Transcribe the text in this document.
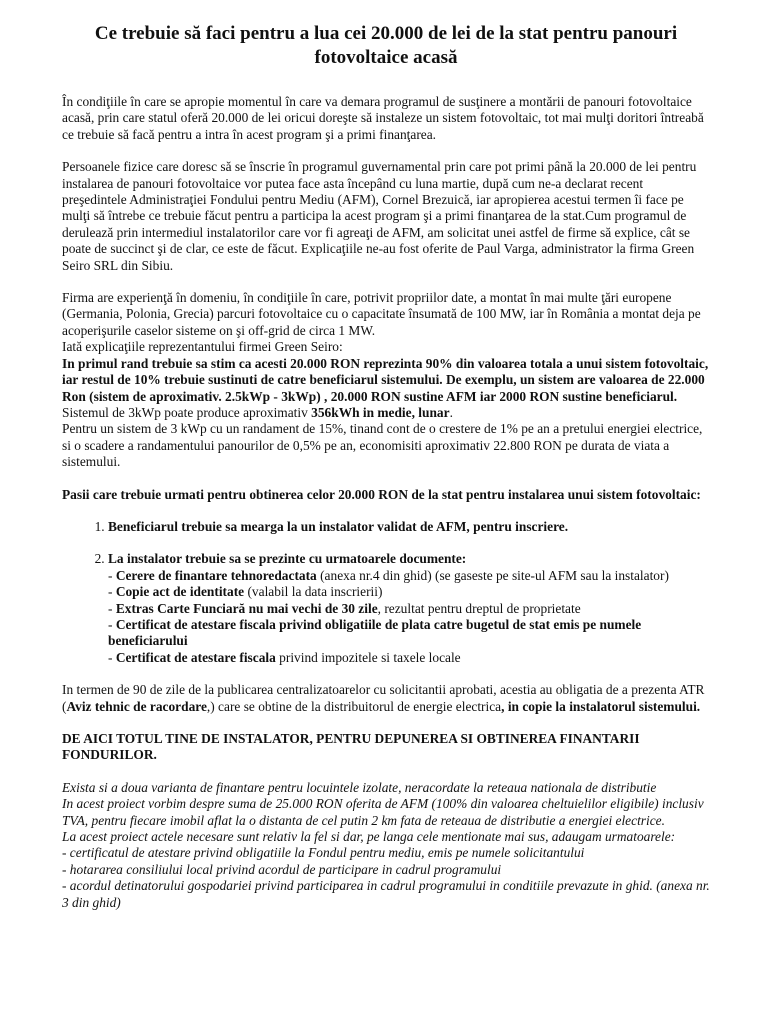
Ce trebuie să faci pentru a lua cei 20.000 de lei de la stat pentru panouri fotovoltaice acasă

În condiţiile în care se apropie momentul în care va demara programul de susţinere a montării de panouri fotovoltaice acasă, prin care statul oferă 20.000 de lei oricui doreşte să instaleze un sistem fotovoltaic, tot mai mulţi doritori întreabă ce trebuie să facă pentru a intra în acest program şi a primi finanţarea.

Persoanele fizice care doresc să se înscrie în programul guvernamental prin care pot primi până la 20.000 de lei pentru instalarea de panouri fotovoltaice vor putea face asta începând cu luna martie, după cum ne-a declarat recent preşedintele Administraţiei Fondului pentru Mediu (AFM), Cornel Brezuică, iar apropierea acestui termen îi face pe mulţi să întrebe ce trebuie făcut pentru a participa la acest program şi a primi finanţarea de la stat.Cum programul de derulează prin intermediul instalatorilor care vor fi agreaţi de AFM, am solicitat unei astfel de firme să explice, cât se poate de succinct şi de clar, ce este de făcut. Explicaţiile ne-au fost oferite de Paul Varga, administrator la firma Green Seiro SRL din Sibiu.

Firma are experienţă în domeniu, în condiţiile în care, potrivit propriilor date, a montat în mai multe ţări europene (Germania, Polonia, Grecia) parcuri fotovoltaice cu o capacitate însumată de 100 MW, iar în România a montat deja pe acoperişurile caselor sisteme on şi off-grid de circa 1 MW.

Iată explicaţiile reprezentantului firmei Green Seiro:
In primul rand trebuie sa stim ca acesti 20.000 RON reprezinta 90% din valoarea totala a unui sistem fotovoltaic, iar restul de 10% trebuie sustinuti de catre beneficiarul sistemului. De exemplu, un sistem are valoarea de 22.000 Ron (sistem de aproximativ. 2.5kWp - 3kWp) , 20.000 RON sustine AFM iar 2000 RON sustine beneficiarul.
Sistemul de 3kWp poate produce aproximativ 356kWh in medie, lunar.

Pentru un sistem de 3 kWp cu un randament de 15%, tinand cont de o crestere de 1% pe an a pretului energiei electrice, si o scadere a randamentului panourilor de 0,5% pe an, economisiti aproximativ 22.800 RON pe durata de viata a sistemului.

Pasii care trebuie urmati pentru obtinerea celor 20.000 RON de la stat pentru instalarea unui sistem fotovoltaic:

1. Beneficiarul trebuie sa mearga la un instalator validat de AFM, pentru inscriere.
2. La instalator trebuie sa se prezinte cu urmatoarele documente:
- Cerere de finantare tehnoredactata (anexa nr.4 din ghid) (se gaseste pe site-ul AFM sau la instalator)
- Copie act de identitate (valabil la data inscrierii)
- Extras Carte Funciară nu mai vechi de 30 zile, rezultat pentru dreptul de proprietate
- Certificat de atestare fiscala privind obligatiile de plata catre bugetul de stat emis pe numele beneficiarului
- Certificat de atestare fiscala privind impozitele si taxele locale

In termen de 90 de zile de la publicarea centralizatoarelor cu solicitantii aprobati, acestia au obligatia de a prezenta ATR (Aviz tehnic de racordare,) care se obtine de la distribuitorul de energie electrica, in copie la instalatorul sistemului.

DE AICI TOTUL TINE DE INSTALATOR, PENTRU DEPUNEREA SI OBTINEREA FINANTARII FONDURILOR.

Exista si a doua varianta de finantare pentru locuintele izolate, neracordate la reteaua nationala de distributie

In acest proiect vorbim despre suma de 25.000 RON oferita de AFM (100% din valoarea cheltuielilor eligibile) inclusiv TVA, pentru fiecare imobil aflat la o distanta de cel putin 2 km fata de reteaua de distributie a energiei electrice.

La acest proiect actele necesare sunt relativ la fel si dar, pe langa cele mentionate mai sus, adaugam urmatoarele:

- certificatul de atestare privind obligatiile la Fondul pentru mediu, emis pe numele solicitantului

- hotararea consiliului local privind acordul de participare in cadrul programului

- acordul detinatorului gospodariei privind participarea in cadrul programului in conditiile prevazute in ghid. (anexa nr. 3 din ghid)
